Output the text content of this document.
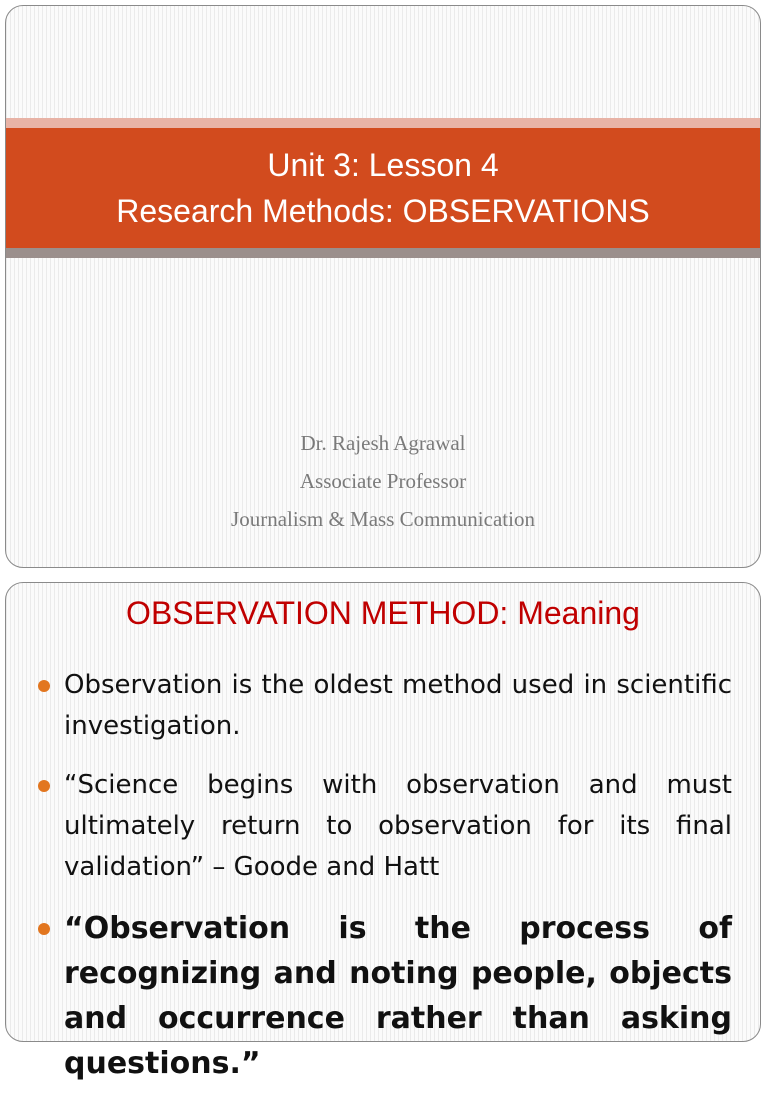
Unit 3: Lesson 4
Research Methods: OBSERVATIONS
Dr. Rajesh Agrawal
Associate Professor
Journalism & Mass Communication
OBSERVATION METHOD: Meaning
Observation is the oldest method used in scientific investigation.
“Science begins with observation and must ultimately return to observation for its final validation” – Goode and Hatt
“Observation is the process of recognizing and noting people, objects and occurrence rather than asking questions.”
